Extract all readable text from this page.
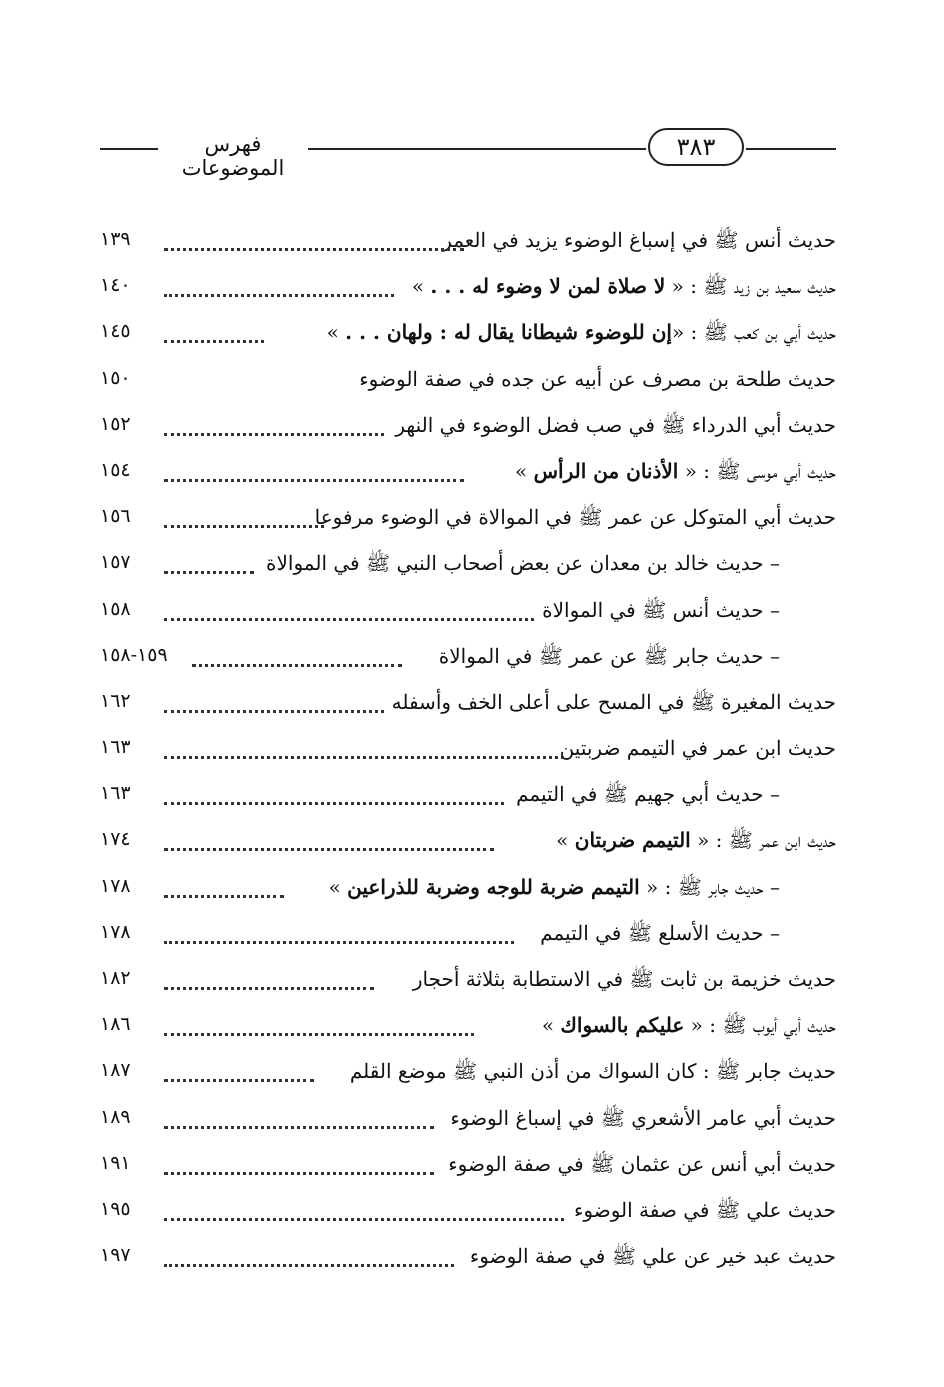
فهرس الموضوعات
٣٨٣
حديث أنس ﷺ في إسباغ الوضوء يزيد في العمر
١٣٩
حديث سعيد بن زيد ﷺ : « لا صلاة لمن لا وضوء له . . . »
١٤٠
حديث أبي بن كعب ﷺ : «إن للوضوء شيطانا يقال له : ولهان . . . »
١٤٥
حديث طلحة بن مصرف عن أبيه عن جده في صفة الوضوء
١٥٠
حديث أبي الدرداء ﷺ في صب فضل الوضوء في النهر
١٥٢
حديث أبي موسى ﷺ : « الأذنان من الرأس »
١٥٤
حديث أبي المتوكل عن عمر ﷺ في الموالاة في الوضوء مرفوعا
١٥٦
– حديث خالد بن معدان عن بعض أصحاب النبي ﷺ في الموالاة
١٥٧
– حديث أنس ﷺ في الموالاة
١٥٨
– حديث جابر ﷺ عن عمر ﷺ في الموالاة
١٥٩-١٥٨
حديث المغيرة ﷺ في المسح على أعلى الخف وأسفله
١٦٢
حديث ابن عمر في التيمم ضربتين
١٦٣
– حديث أبي جهيم ﷺ في التيمم
١٦٣
حديث ابن عمر ﷺ : « التيمم ضربتان »
١٧٤
– حديث جابر ﷺ : « التيمم ضربة للوجه وضربة للذراعين »
١٧٨
– حديث الأسلع ﷺ في التيمم
١٧٨
حديث خزيمة بن ثابت ﷺ في الاستطابة بثلاثة أحجار
١٨٢
حديث أبي أيوب ﷺ : « عليكم بالسواك »
١٨٦
حديث جابر ﷺ : كان السواك من أذن النبي ﷺ موضع القلم
١٨٧
حديث أبي عامر الأشعري ﷺ في إسباغ الوضوء
١٨٩
حديث أبي أنس عن عثمان ﷺ في صفة الوضوء
١٩١
حديث علي ﷺ في صفة الوضوء
١٩٥
حديث عبد خير عن علي ﷺ في صفة الوضوء
١٩٧
